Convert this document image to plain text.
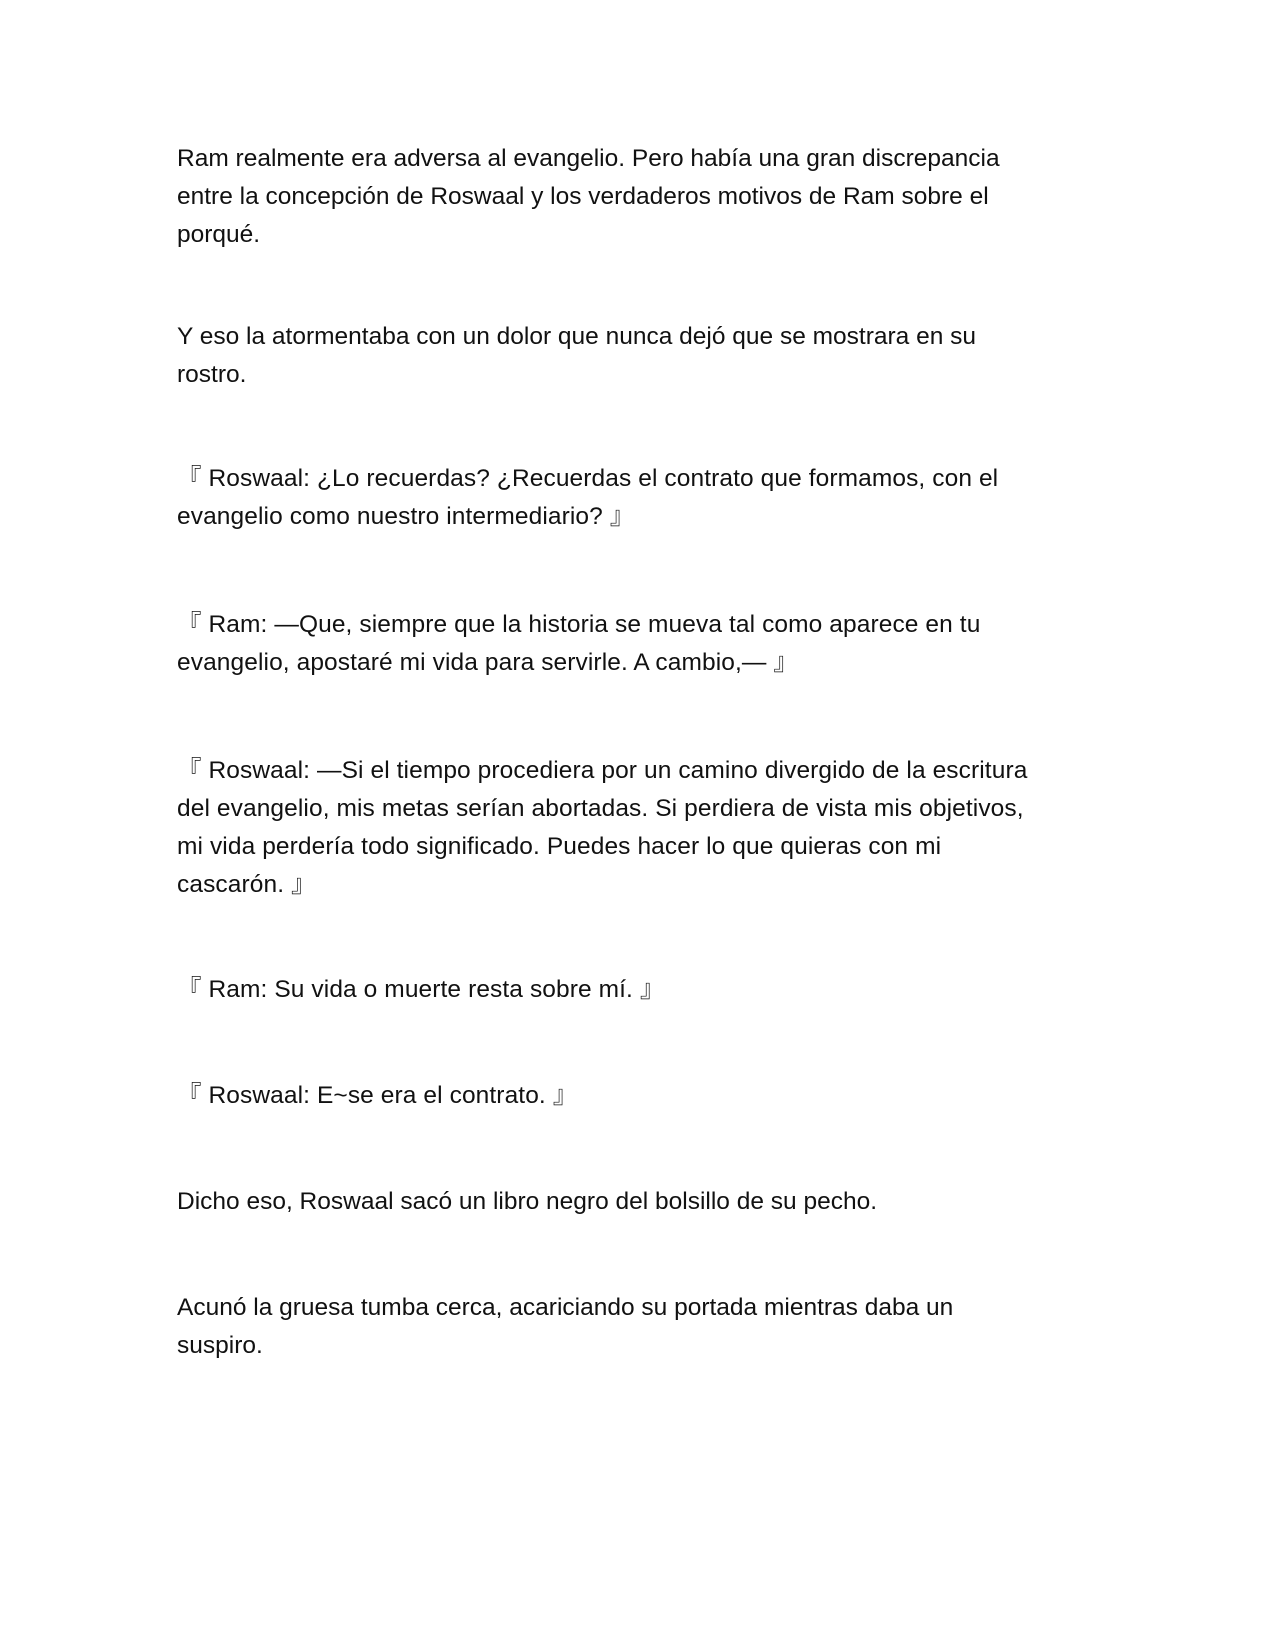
Ram realmente era adversa al evangelio. Pero había una gran discrepancia
entre la concepción de Roswaal y los verdaderos motivos de Ram sobre el
porqué.

Y eso la atormentaba con un dolor que nunca dejó que se mostrara en su
rostro.

『 Roswaal: ¿Lo recuerdas? ¿Recuerdas el contrato que formamos, con el
evangelio como nuestro intermediario? 』

『 Ram: —Que, siempre que la historia se mueva tal como aparece en tu
evangelio, apostaré mi vida para servirle. A cambio,— 』

『 Roswaal: —Si el tiempo procediera por un camino divergido de la escritura
del evangelio, mis metas serían abortadas. Si perdiera de vista mis objetivos,
mi vida perdería todo significado. Puedes hacer lo que quieras con mi
cascarón. 』

『 Ram: Su vida o muerte resta sobre mí. 』

『 Roswaal: E~se era el contrato. 』

Dicho eso, Roswaal sacó un libro negro del bolsillo de su pecho.

Acunó la gruesa tumba cerca, acariciando su portada mientras daba un
suspiro.
